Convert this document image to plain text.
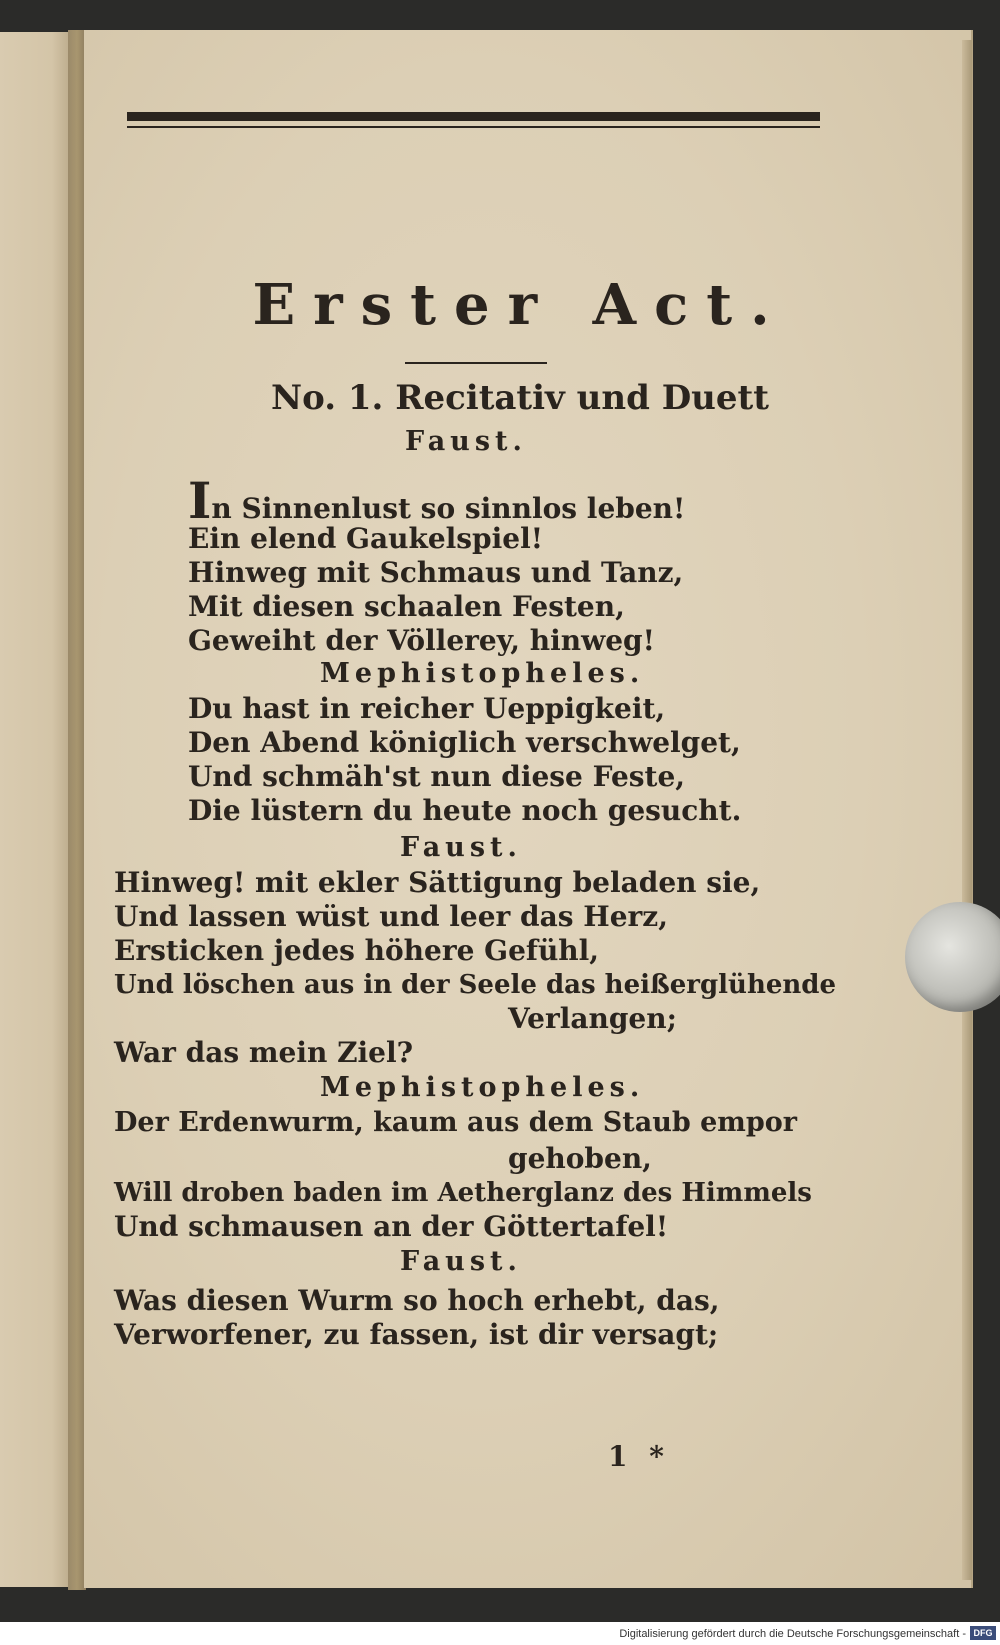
Erster Act.
No. 1. Recitativ und Duett
Faust.
In Sinnenlust so sinnlos leben!
Ein elend Gaukelspiel!
Hinweg mit Schmaus und Tanz,
Mit diesen schaalen Festen,
Geweiht der Völlerey, hinweg!
Mephistopheles.
Du hast in reicher Ueppigkeit,
Den Abend königlich verschwelget,
Und schmäh'st nun diese Feste,
Die lüstern du heute noch gesucht.
Faust.
Hinweg! mit ekler Sättigung beladen sie,
Und lassen wüst und leer das Herz,
Ersticken jedes höhere Gefühl,
Und löschen aus in der Seele das heißerglühende
Verlangen;
War das mein Ziel?
Mephistopheles.
Der Erdenwurm, kaum aus dem Staub empor
gehoben,
Will droben baden im Aetherglanz des Himmels
Und schmausen an der Göttertafel!
Faust.
Was diesen Wurm so hoch erhebt, das,
Verworfener, zu fassen, ist dir versagt;
1 *
Digitalisierung gefördert durch die Deutsche Forschungsgemeinschaft - DFG
